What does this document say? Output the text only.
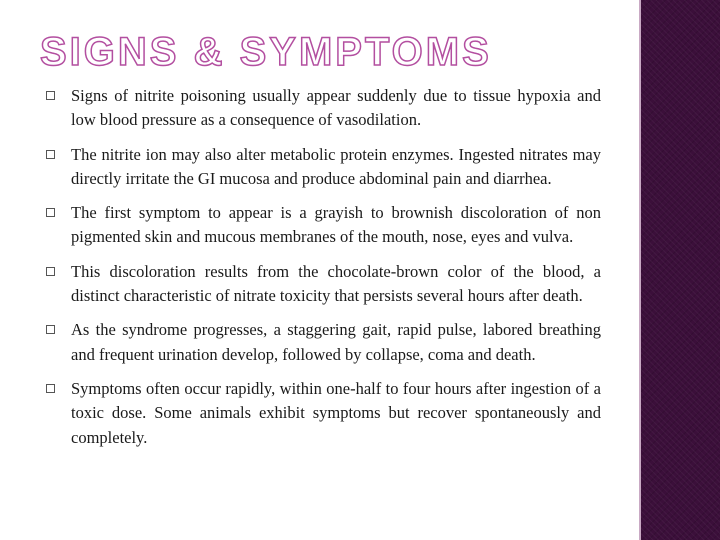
SIGNS & SYMPTOMS
Signs of nitrite poisoning usually appear suddenly due to tissue hypoxia and low blood pressure as a consequence of vasodilation.
The nitrite ion may also alter metabolic protein enzymes. Ingested nitrates may directly irritate the GI mucosa and produce abdominal pain and diarrhea.
The first symptom to appear is a grayish to brownish discoloration of non pigmented skin and mucous membranes of the mouth, nose, eyes and vulva.
This discoloration results from the chocolate-brown color of the blood, a distinct characteristic of nitrate toxicity that persists several hours after death.
As the syndrome progresses, a staggering gait, rapid pulse, labored breathing and frequent urination develop, followed by collapse, coma and death.
Symptoms often occur rapidly, within one-half to four hours after ingestion of a toxic dose. Some animals exhibit symptoms but recover spontaneously and completely.
